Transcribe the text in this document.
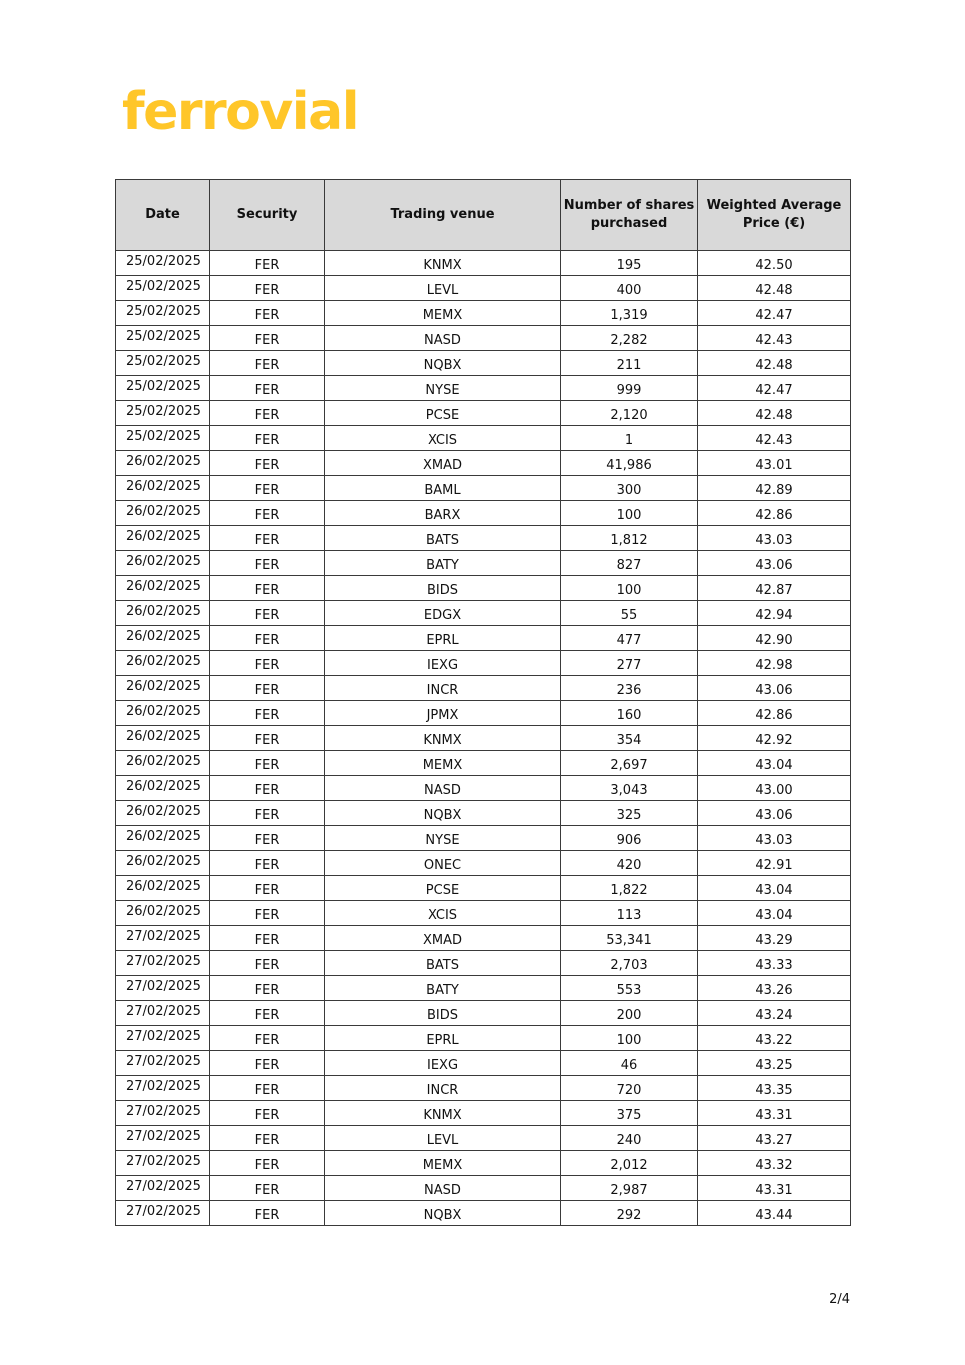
ferrovial
Date	Security	Trading venue	Number of shares purchased	Weighted Average Price (€)
25/02/2025	FER	KNMX	195	42.50
25/02/2025	FER	LEVL	400	42.48
25/02/2025	FER	MEMX	1,319	42.47
25/02/2025	FER	NASD	2,282	42.43
25/02/2025	FER	NQBX	211	42.48
25/02/2025	FER	NYSE	999	42.47
25/02/2025	FER	PCSE	2,120	42.48
25/02/2025	FER	XCIS	1	42.43
26/02/2025	FER	XMAD	41,986	43.01
26/02/2025	FER	BAML	300	42.89
26/02/2025	FER	BARX	100	42.86
26/02/2025	FER	BATS	1,812	43.03
26/02/2025	FER	BATY	827	43.06
26/02/2025	FER	BIDS	100	42.87
26/02/2025	FER	EDGX	55	42.94
26/02/2025	FER	EPRL	477	42.90
26/02/2025	FER	IEXG	277	42.98
26/02/2025	FER	INCR	236	43.06
26/02/2025	FER	JPMX	160	42.86
26/02/2025	FER	KNMX	354	42.92
26/02/2025	FER	MEMX	2,697	43.04
26/02/2025	FER	NASD	3,043	43.00
26/02/2025	FER	NQBX	325	43.06
26/02/2025	FER	NYSE	906	43.03
26/02/2025	FER	ONEC	420	42.91
26/02/2025	FER	PCSE	1,822	43.04
26/02/2025	FER	XCIS	113	43.04
27/02/2025	FER	XMAD	53,341	43.29
27/02/2025	FER	BATS	2,703	43.33
27/02/2025	FER	BATY	553	43.26
27/02/2025	FER	BIDS	200	43.24
27/02/2025	FER	EPRL	100	43.22
27/02/2025	FER	IEXG	46	43.25
27/02/2025	FER	INCR	720	43.35
27/02/2025	FER	KNMX	375	43.31
27/02/2025	FER	LEVL	240	43.27
27/02/2025	FER	MEMX	2,012	43.32
27/02/2025	FER	NASD	2,987	43.31
27/02/2025	FER	NQBX	292	43.44
2/4
